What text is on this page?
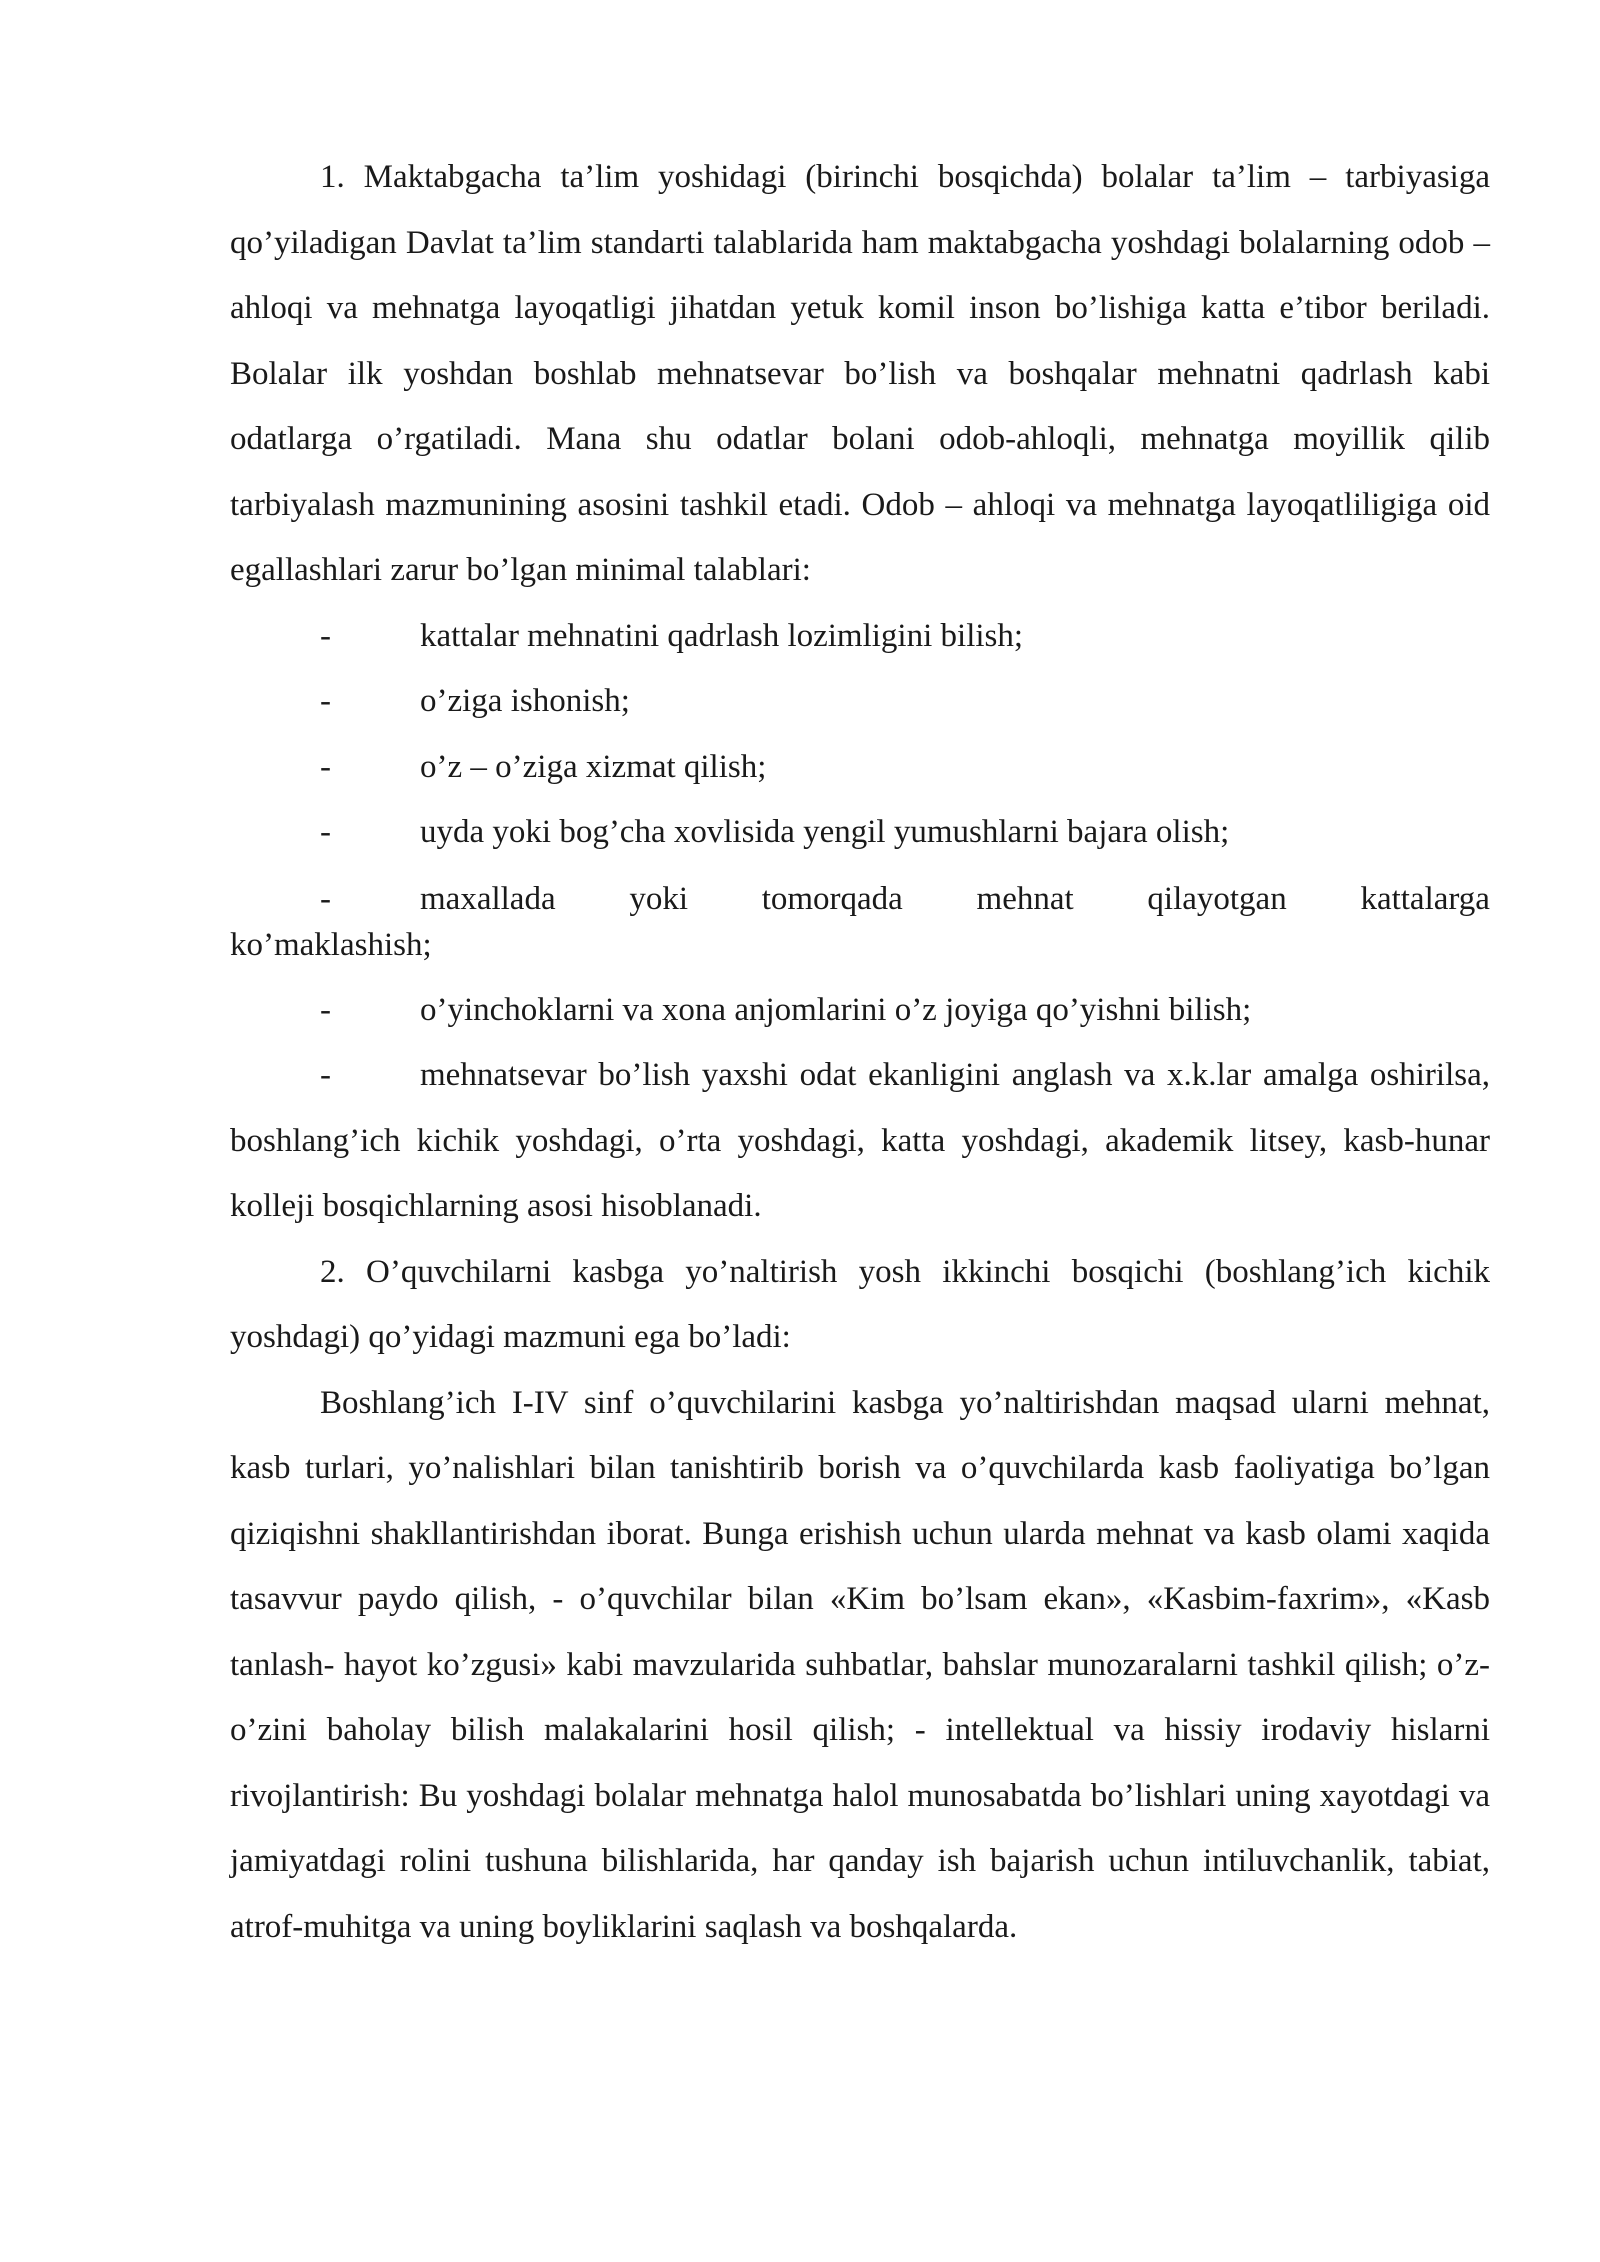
1. Maktabgacha ta’lim yoshidagi (birinchi bosqichda) bolalar ta’lim – tarbiyasiga qo’yiladigan Davlat ta’lim standarti talablarida ham maktabgacha yoshdagi bolalarning odob – ahloqi va mehnatga layoqatligi jihatdan yetuk komil inson bo’lishiga katta e’tibor beriladi. Bolalar ilk yoshdan boshlab mehnatsevar bo’lish va boshqalar mehnatni qadrlash kabi odatlarga o’rgatiladi. Mana shu odatlar bolani odob-ahloqli, mehnatga moyillik qilib tarbiyalash mazmunining asosini tashkil etadi. Odob – ahloqi va mehnatga layoqatliligiga oid egallashlari zarur bo’lgan minimal talablari:

-	kattalar mehnatini qadrlash lozimligini bilish;
-	o’ziga ishonish;
-	o’z – o’ziga xizmat qilish;
-	uyda yoki bog’cha xovlisida yengil yumushlarni bajara olish;
-	maxallada yoki tomorqada mehnat qilayotgan kattalarga
ko’maklashish;
-	o’yinchoklarni va xona anjomlarini o’z joyiga qo’yishni bilish;
-	mehnatsevar bo’lish yaxshi odat ekanligini anglash va x.k.lar amalga oshirilsa, boshlang’ich kichik yoshdagi, o’rta yoshdagi, katta yoshdagi, akademik litsey, kasb-hunar kolleji bosqichlarning asosi hisoblanadi.

2. O’quvchilarni kasbga yo’naltirish yosh ikkinchi bosqichi (boshlang’ich kichik yoshdagi) qo’yidagi mazmuni ega bo’ladi:

Boshlang’ich I-IV sinf o’quvchilarini kasbga yo’naltirishdan maqsad ularni mehnat, kasb turlari, yo’nalishlari bilan tanishtirib borish va o’quvchilarda kasb faoliyatiga bo’lgan qiziqishni shakllantirishdan iborat. Bunga erishish uchun ularda mehnat va kasb olami xaqida tasavvur paydo qilish, - o’quvchilar bilan «Kim bo’lsam ekan», «Kasbim-faxrim», «Kasb tanlash- hayot ko’zgusi» kabi mavzularida suhbatlar, bahslar munozaralarni tashkil qilish; o’z-o’zini baholay bilish malakalarini hosil qilish; - intellektual va hissiy irodaviy hislarni rivojlantirish: Bu yoshdagi bolalar mehnatga halol munosabatda bo’lishlari uning xayotdagi va jamiyatdagi rolini tushuna bilishlarida, har qanday ish bajarish uchun intiluvchanlik, tabiat, atrof-muhitga va uning boyliklarini saqlash va boshqalarda.
